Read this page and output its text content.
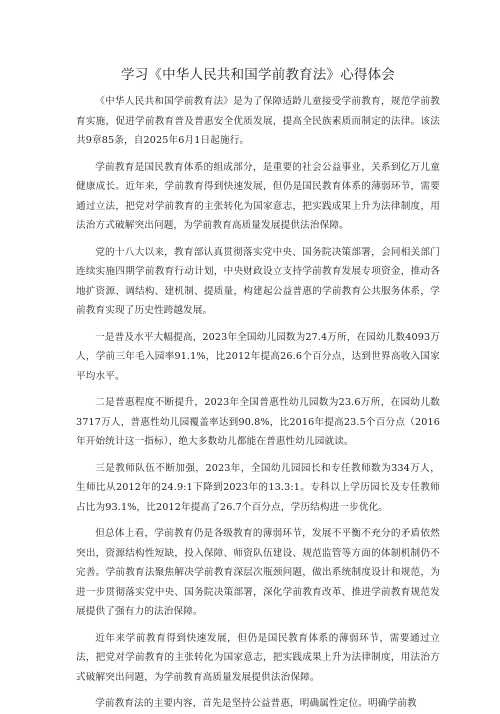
学习《中华人民共和国学前教育法》心得体会

《中华人民共和国学前教育法》是为了保障适龄儿童接受学前教育，规范学前教育实施，促进学前教育普及普惠安全优质发展，提高全民族素质而制定的法律。该法共9章85条，自2025年6月1日起施行。

学前教育是国民教育体系的组成部分，是重要的社会公益事业，关系到亿万儿童健康成长。近年来，学前教育得到快速发展，但仍是国民教育体系的薄弱环节，需要通过立法，把党对学前教育的主张转化为国家意志，把实践成果上升为法律制度，用法治方式破解突出问题，为学前教育高质量发展提供法治保障。

党的十八大以来，教育部认真贯彻落实党中央、国务院决策部署，会同相关部门连续实施四期学前教育行动计划，中央财政设立支持学前教育发展专项资金，推动各地扩资源、调结构、建机制、提质量，构建起公益普惠的学前教育公共服务体系，学前教育实现了历史性跨越发展。

一是普及水平大幅提高，2023年全国幼儿园数为27.4万所，在园幼儿数4093万人，学前三年毛入园率91.1%，比2012年提高26.6个百分点，达到世界高收入国家平均水平。

二是普惠程度不断提升，2023年全国普惠性幼儿园数为23.6万所，在园幼儿数3717万人，普惠性幼儿园覆盖率达到90.8%，比2016年提高23.5个百分点（2016年开始统计这一指标），绝大多数幼儿都能在普惠性幼儿园就读。

三是教师队伍不断加强，2023年，全国幼儿园园长和专任教师数为334万人，生师比从2012年的24.9:1下降到2023年的13.3:1。专科以上学历园长及专任教师占比为93.1%，比2012年提高了26.7个百分点，学历结构进一步优化。

但总体上看，学前教育仍是各级教育的薄弱环节，发展不平衡不充分的矛盾依然突出，资源结构性短缺，投入保障、师资队伍建设、规范监管等方面的体制机制仍不完善。学前教育法聚焦解决学前教育深层次瓶颈问题，做出系统制度设计和规范，为进一步贯彻落实党中央、国务院决策部署，深化学前教育改革、推进学前教育规范发展提供了强有力的法治保障。

近年来学前教育得到快速发展，但仍是国民教育体系的薄弱环节，需要通过立法，把党对学前教育的主张转化为国家意志，把实践成果上升为法律制度，用法治方式破解突出问题，为学前教育高质量发展提供法治保障。

学前教育法的主要内容，首先是坚持公益普惠，明确属性定位。明确学前教
